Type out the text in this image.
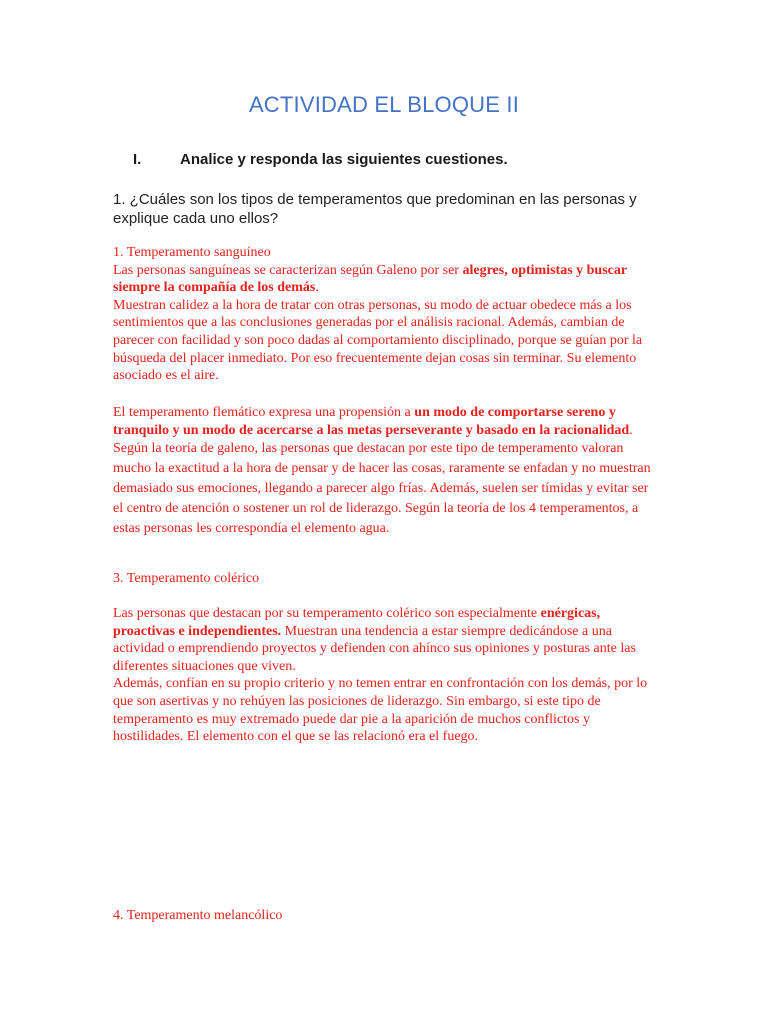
ACTIVIDAD EL BLOQUE II
I.	Analice y responda las siguientes cuestiones.
1. ¿Cuáles son los tipos de temperamentos que predominan en las personas y explique cada uno ellos?

1. Temperamento sanguíneo

Las personas sanguíneas se caracterizan según Galeno por ser alegres, optimistas y buscar siempre la compañía de los demás.

Muestran calidez a la hora de tratar con otras personas, su modo de actuar obedece más a los sentimientos que a las conclusiones generadas por el análisis racional. Además, cambian de parecer con facilidad y son poco dadas al comportamiento disciplinado, porque se guían por la búsqueda del placer inmediato. Por eso frecuentemente dejan cosas sin terminar. Su elemento asociado es el aire.

El temperamento flemático expresa una propensión a un modo de comportarse sereno y tranquilo y un modo de acercarse a las metas perseverante y basado en la racionalidad.

Según la teoría de galeno, las personas que destacan por este tipo de temperamento valoran mucho la exactitud a la hora de pensar y de hacer las cosas, raramente se enfadan y no muestran demasiado sus emociones, llegando a parecer algo frías. Además, suelen ser tímidas y evitar ser el centro de atención o sostener un rol de liderazgo. Según la teoría de los 4 temperamentos, a estas personas les correspondía el elemento agua.

3. Temperamento colérico

Las personas que destacan por su temperamento colérico son especialmente enérgicas, proactivas e independientes. Muestran una tendencia a estar siempre dedicándose a una actividad o emprendiendo proyectos y defienden con ahínco sus opiniones y posturas ante las diferentes situaciones que viven.

Además, confían en su propio criterio y no temen entrar en confrontación con los demás, por lo que son asertivas y no rehúyen las posiciones de liderazgo. Sin embargo, si este tipo de temperamento es muy extremado puede dar pie a la aparición de muchos conflictos y hostilidades. El elemento con el que se las relacionó era el fuego.

4. Temperamento melancólico
